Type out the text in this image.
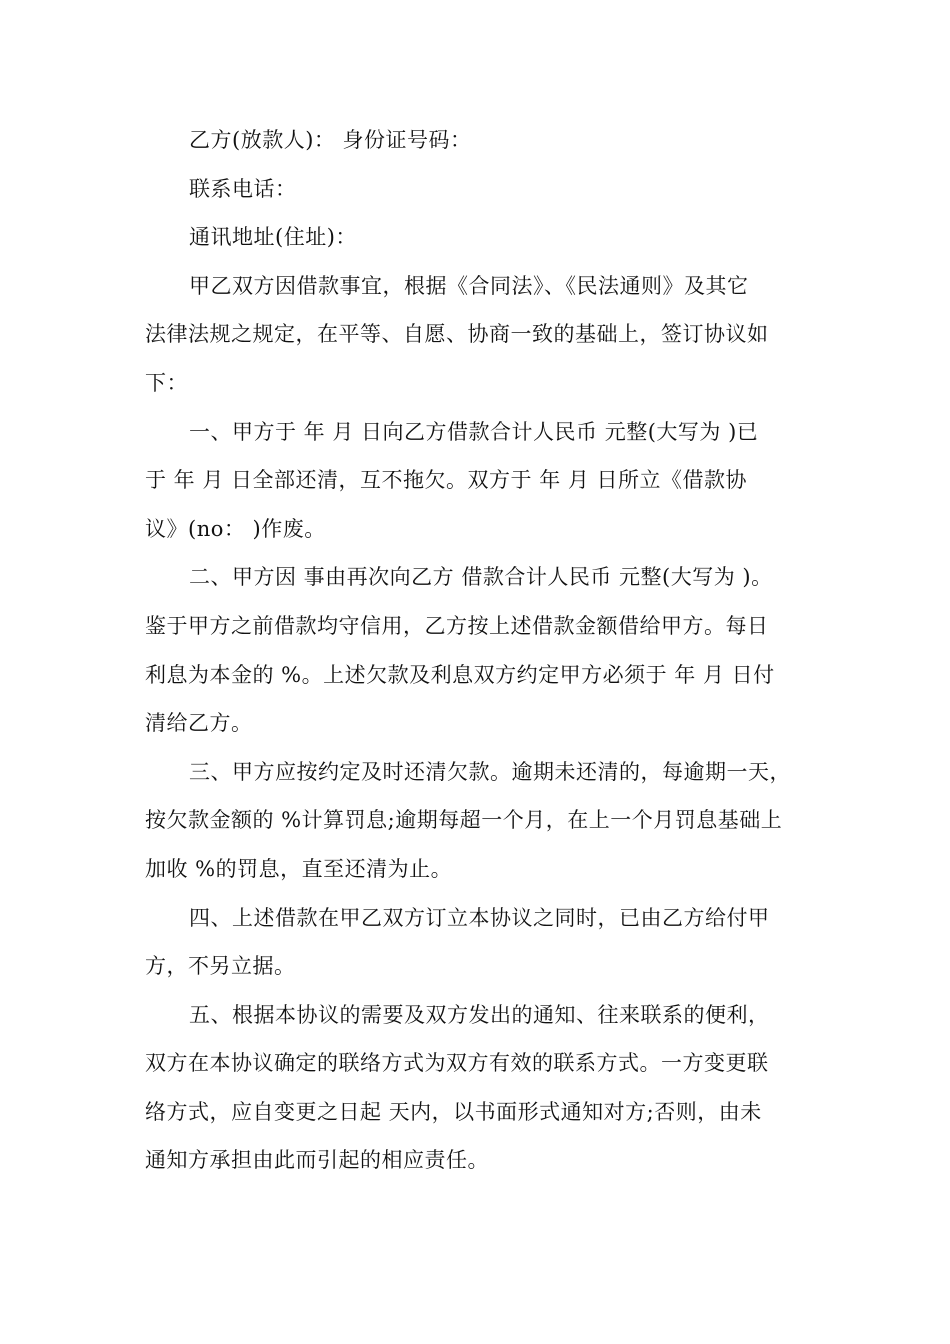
乙方(放款人)： 身份证号码：
联系电话：
通讯地址(住址)：
甲乙双方因借款事宜，根据《合同法》、《民法通则》及其它
法律法规之规定，在平等、自愿、协商一致的基础上，签订协议如
下：
一、甲方于 年 月 日向乙方借款合计人民币 元整(大写为 )已
于 年 月 日全部还清，互不拖欠。双方于 年 月 日所立《借款协
议》(no： )作废。
二、甲方因 事由再次向乙方 借款合计人民币 元整(大写为 )。
鉴于甲方之前借款均守信用，乙方按上述借款金额借给甲方。每日
利息为本金的 %。上述欠款及利息双方约定甲方必须于 年 月 日付
清给乙方。
三、甲方应按约定及时还清欠款。逾期未还清的，每逾期一天，
按欠款金额的 %计算罚息;逾期每超一个月，在上一个月罚息基础上
加收 %的罚息，直至还清为止。
四、上述借款在甲乙双方订立本协议之同时，已由乙方给付甲
方，不另立据。
五、根据本协议的需要及双方发出的通知、往来联系的便利，
双方在本协议确定的联络方式为双方有效的联系方式。一方变更联
络方式，应自变更之日起 天内，以书面形式通知对方;否则，由未
通知方承担由此而引起的相应责任。
